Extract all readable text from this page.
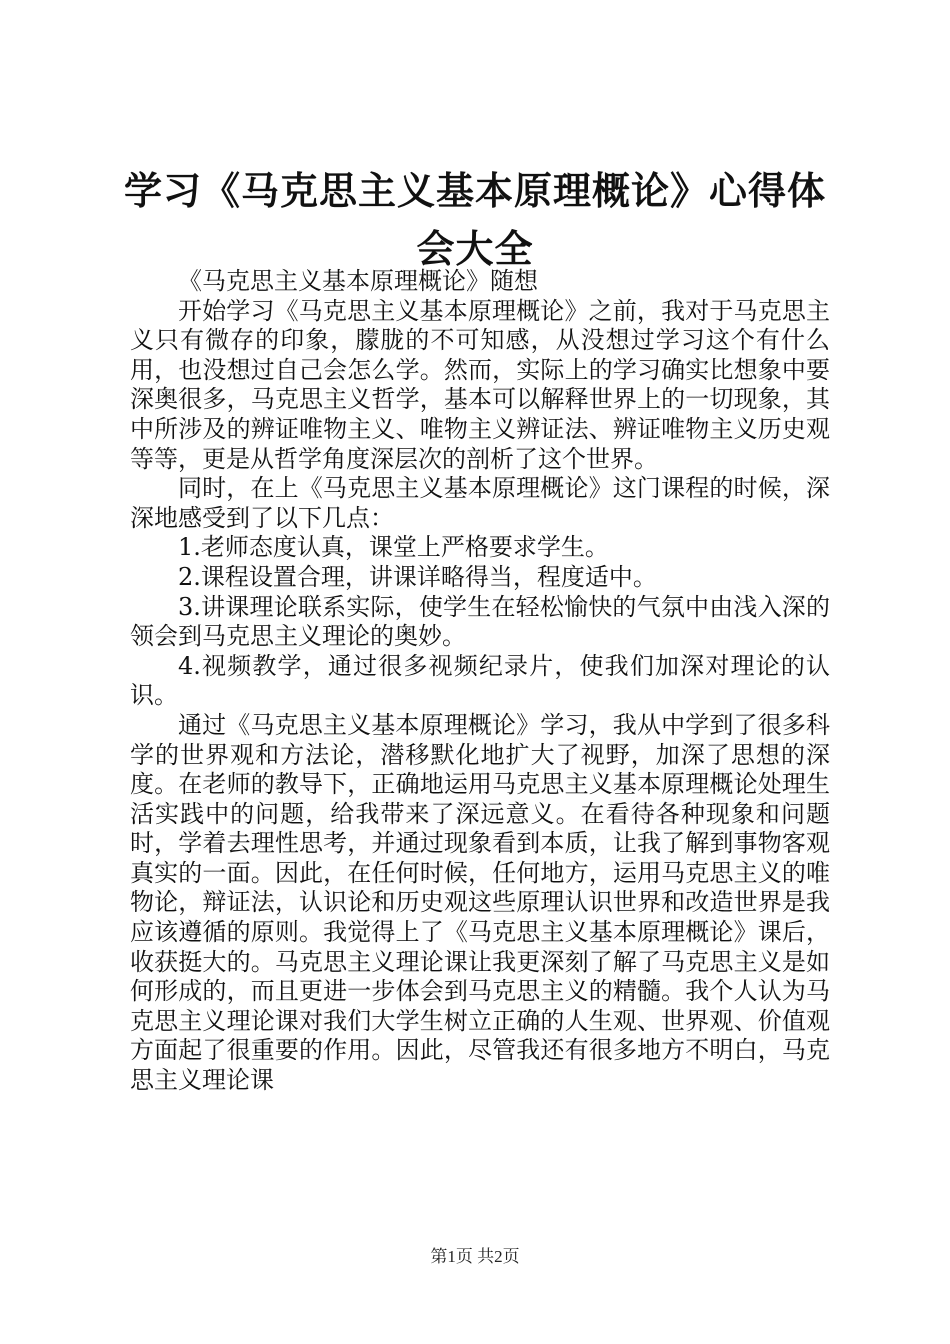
学习《马克思主义基本原理概论》心得体会大全

《马克思主义基本原理概论》随想

开始学习《马克思主义基本原理概论》之前，我对于马克思主义只有微存的印象，朦胧的不可知感，从没想过学习这个有什么用，也没想过自己会怎么学。然而，实际上的学习确实比想象中要深奥很多，马克思主义哲学，基本可以解释世界上的一切现象，其中所涉及的辨证唯物主义、唯物主义辨证法、辨证唯物主义历史观等等，更是从哲学角度深层次的剖析了这个世界。

同时，在上《马克思主义基本原理概论》这门课程的时候，深深地感受到了以下几点：

1.老师态度认真，课堂上严格要求学生。

2.课程设置合理，讲课详略得当，程度适中。

3.讲课理论联系实际，使学生在轻松愉快的气氛中由浅入深的领会到马克思主义理论的奥妙。

4.视频教学，通过很多视频纪录片，使我们加深对理论的认识。

通过《马克思主义基本原理概论》学习，我从中学到了很多科学的世界观和方法论，潜移默化地扩大了视野，加深了思想的深度。在老师的教导下，正确地运用马克思主义基本原理概论处理生活实践中的问题，给我带来了深远意义。在看待各种现象和问题时，学着去理性思考，并通过现象看到本质，让我了解到事物客观真实的一面。因此，在任何时候，任何地方，运用马克思主义的唯物论，辩证法，认识论和历史观这些原理认识世界和改造世界是我应该遵循的原则。我觉得上了《马克思主义基本原理概论》课后，收获挺大的。马克思主义理论课让我更深刻了解了马克思主义是如何形成的，而且更进一步体会到马克思主义的精髓。我个人认为马克思主义理论课对我们大学生树立正确的人生观、世界观、价值观方面起了很重要的作用。因此，尽管我还有很多地方不明白，马克思主义理论课

第1页 共2页
